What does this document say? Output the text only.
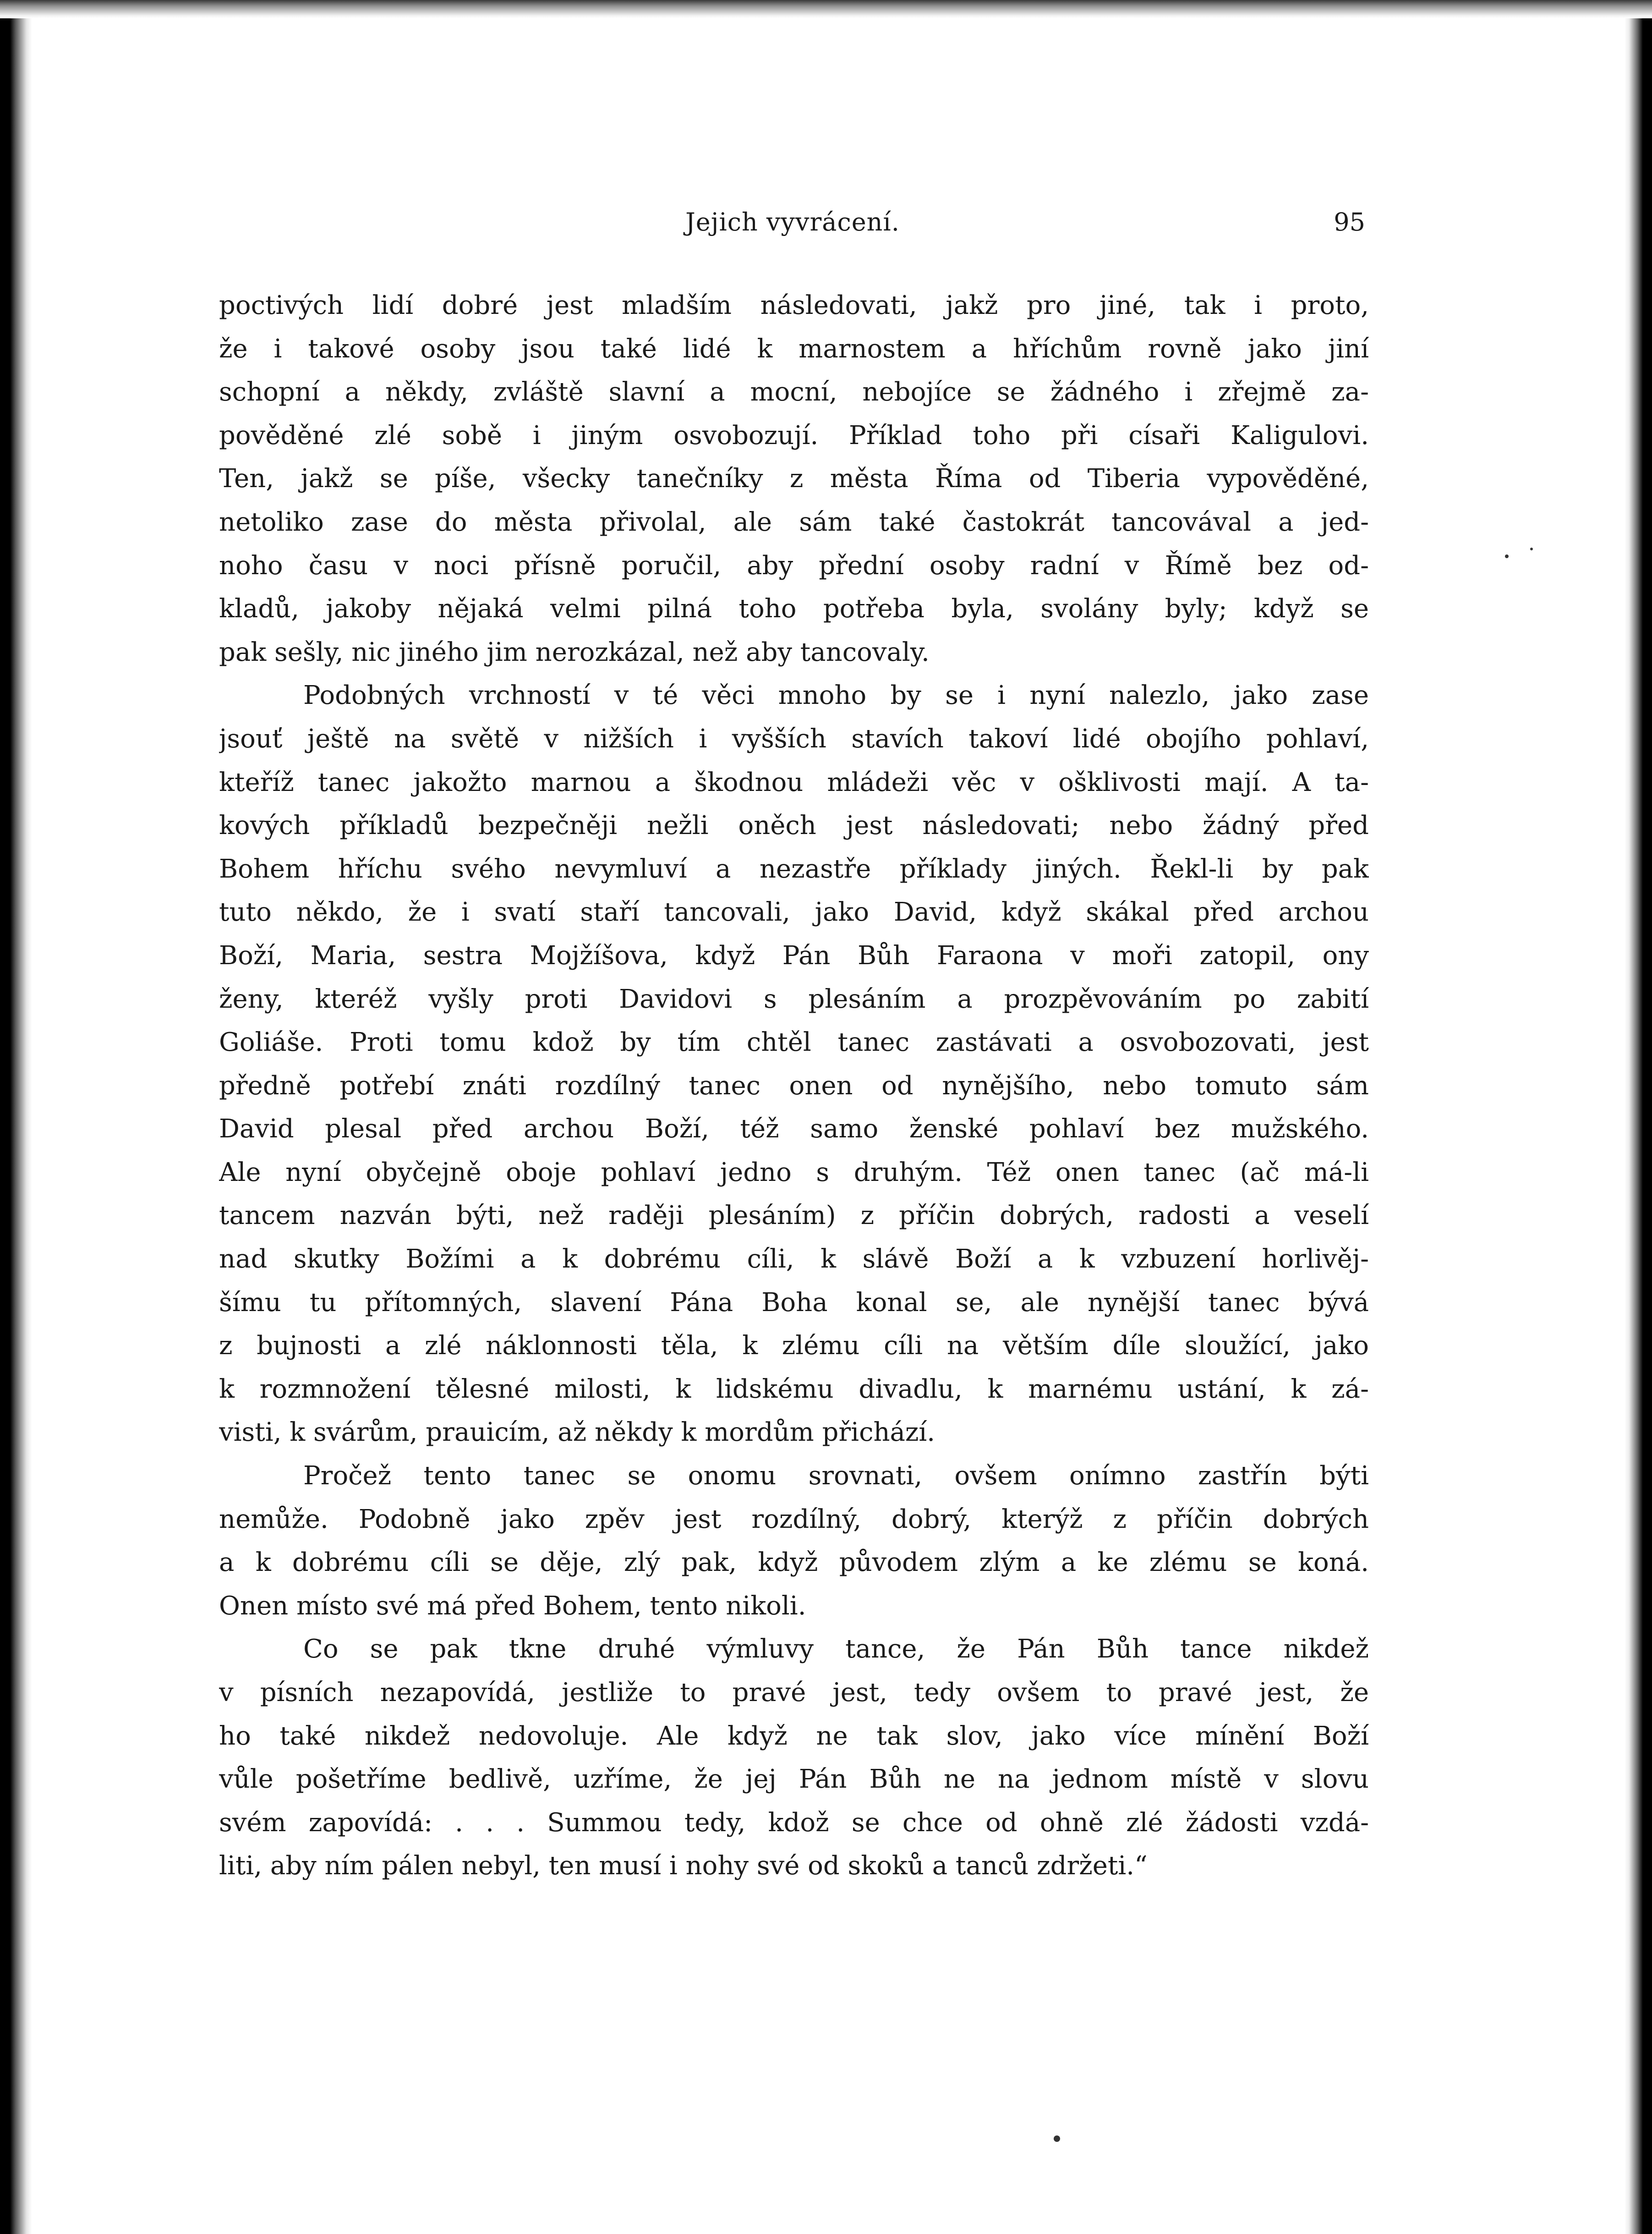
Jejich vyvrácení.	95
poctivých lidí dobré jest mladším následovati, jakž pro jiné, tak i proto,
že i takové osoby jsou také lidé k marnostem a hříchům rovně jako jiní
schopní a někdy, zvláště slavní a mocní, nebojíce se žádného i zřejmě za-
pověděné zlé sobě i jiným osvobozují. Příklad toho při císaři Kaligulovi.
Ten, jakž se píše, všecky tanečníky z města Říma od Tiberia vypověděné,
netoliko zase do města přivolal, ale sám také častokrát tancovával a jed-
noho času v noci přísně poručil, aby přední osoby radní v Římě bez od-
kladů, jakoby nějaká velmi pilná toho potřeba byla, svolány byly; když se
pak sešly, nic jiného jim nerozkázal, než aby tancovaly.
Podobných vrchností v té věci mnoho by se i nyní nalezlo, jako zase
jsouť ještě na světě v nižších i vyšších stavích takoví lidé obojího pohlaví,
kteříž tanec jakožto marnou a škodnou mládeži věc v ošklivosti mají. A ta-
kových příkladů bezpečněji nežli oněch jest následovati; nebo žádný před
Bohem hříchu svého nevymluví a nezastře příklady jiných. Řekl-li by pak
tuto někdo, že i svatí staří tancovali, jako David, když skákal před archou
Boží, Maria, sestra Mojžíšova, když Pán Bůh Faraona v moři zatopil, ony
ženy, kteréž vyšly proti Davidovi s plesáním a prozpěvováním po zabití
Goliáše. Proti tomu kdož by tím chtěl tanec zastávati a osvobozovati, jest
předně potřebí znáti rozdílný tanec onen od nynějšího, nebo tomuto sám
David plesal před archou Boží, též samo ženské pohlaví bez mužského.
Ale nyní obyčejně oboje pohlaví jedno s druhým. Též onen tanec (ač má-li
tancem nazván býti, než raději plesáním) z příčin dobrých, radosti a veselí
nad skutky Božími a k dobrému cíli, k slávě Boží a k vzbuzení horlivěj-
šímu tu přítomných, slavení Pána Boha konal se, ale nynější tanec bývá
z bujnosti a zlé náklonnosti těla, k zlému cíli na větším díle sloužící, jako
k rozmnožení tělesné milosti, k lidskému divadlu, k marnému ustání, k zá-
visti, k svárům, prauicím, až někdy k mordům přichází.
Pročež tento tanec se onomu srovnati, ovšem onímno zastřín býti
nemůže. Podobně jako zpěv jest rozdílný, dobrý, kterýž z příčin dobrých
a k dobrému cíli se děje, zlý pak, když původem zlým a ke zlému se koná.
Onen místo své má před Bohem, tento nikoli.
Co se pak tkne druhé výmluvy tance, že Pán Bůh tance nikdež
v písních nezapovídá, jestliže to pravé jest, tedy ovšem to pravé jest, že
ho také nikdež nedovoluje. Ale když ne tak slov, jako více mínění Boží
vůle pošetříme bedlivě, uzříme, že jej Pán Bůh ne na jednom místě v slovu
svém zapovídá: . . . Summou tedy, kdož se chce od ohně zlé žádosti vzdá-
liti, aby ním pálen nebyl, ten musí i nohy své od skoků a tanců zdržeti.“
